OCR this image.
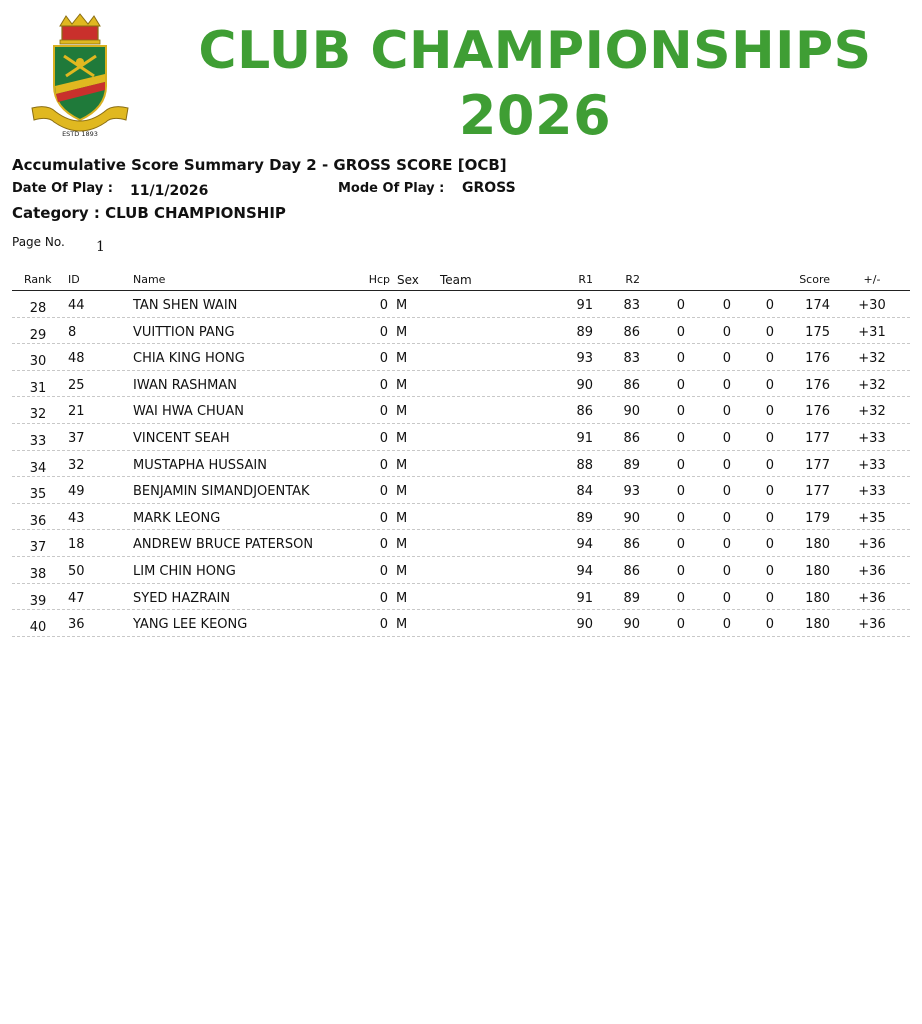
ESTD 1893
CLUB CHAMPIONSHIPS
2026
Accumulative Score Summary Day 2 - GROSS SCORE [OCB]
Date Of Play : 11/1/2026	Mode Of Play : GROSS
Category : CLUB CHAMPIONSHIP
Page No. 1
Rank ID	Name	Hcp Sex Team	R1	R2	Score	+/-
28 44	TAN SHEN WAIN	0 M	91	83	0	0	0	174 +30
29 8	VUITTION PANG	0 M	89	86	0	0	0	175 +31
30 48	CHIA KING HONG	0 M	93	83	0	0	0	176 +32
31 25	IWAN RASHMAN	0 M	90	86	0	0	0	176 +32
32 21	WAI HWA CHUAN	0 M	86	90	0	0	0	176 +32
33 37	VINCENT SEAH	0 M	91	86	0	0	0	177 +33
34 32	MUSTAPHA HUSSAIN	0 M	88	89	0	0	0	177 +33
35 49	BENJAMIN SIMANDJOENTAK	0 M	84	93	0	0	0	177 +33
36 43	MARK LEONG	0 M	89	90	0	0	0	179 +35
37 18	ANDREW BRUCE PATERSON	0 M	94	86	0	0	0	180 +36
38 50	LIM CHIN HONG	0 M	94	86	0	0	0	180 +36
39 47	SYED HAZRAIN	0 M	91	89	0	0	0	180 +36
40 36	YANG LEE KEONG	0 M	90	90	0	0	0	180 +36
